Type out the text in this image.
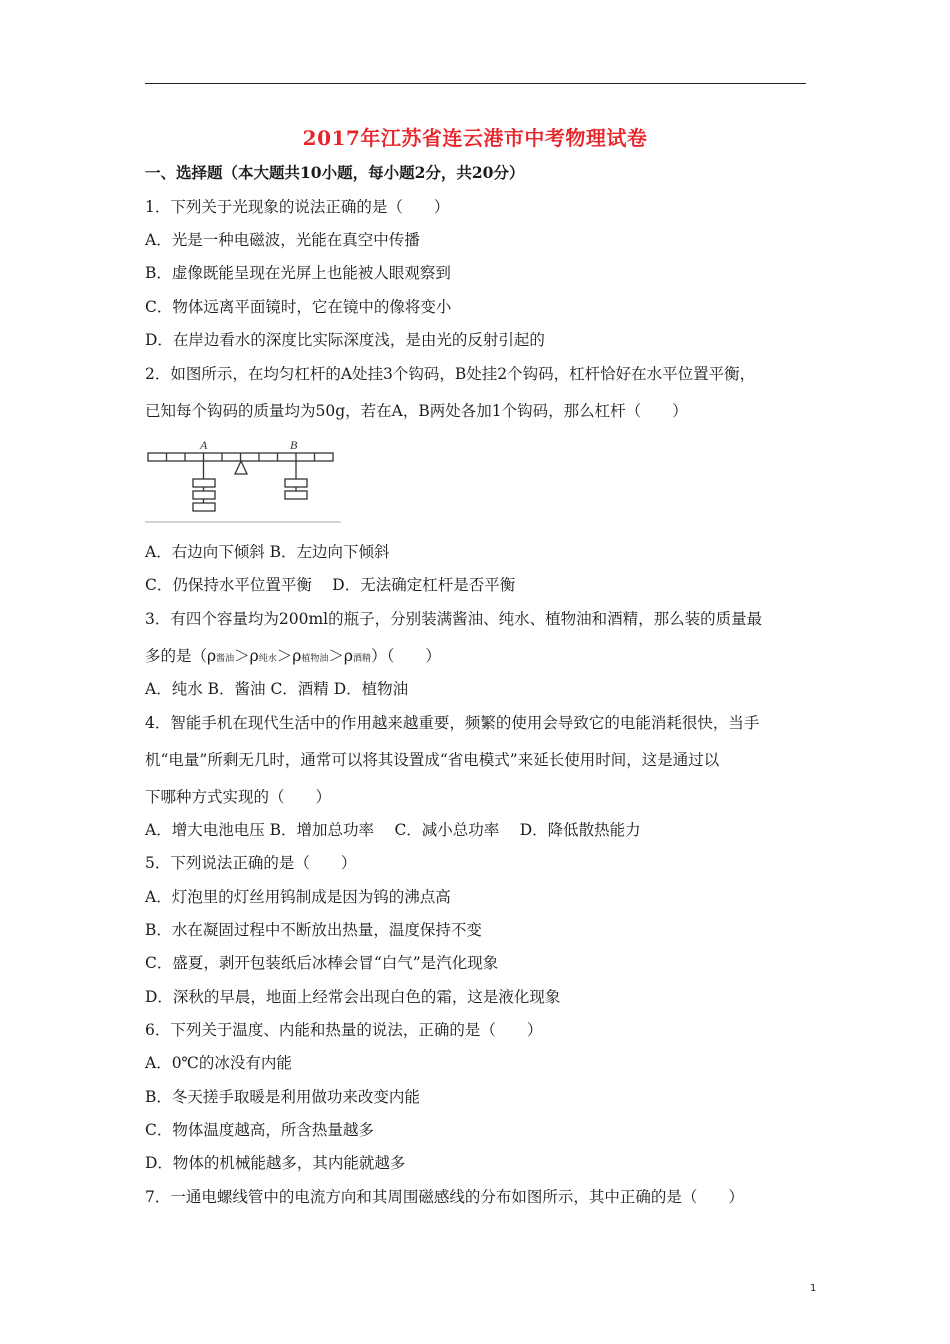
2017年江苏省连云港市中考物理试卷
一、选择题（本大题共10小题，每小题2分，共20分）
1．下列关于光现象的说法正确的是（　　）
A．光是一种电磁波，光能在真空中传播
B．虚像既能呈现在光屏上也能被人眼观察到
C．物体远离平面镜时，它在镜中的像将变小
D．在岸边看水的深度比实际深度浅，是由光的反射引起的
2．如图所示，在均匀杠杆的A处挂3个钩码，B处挂2个钩码，杠杆恰好在水平位置平衡，
已知每个钩码的质量均为50g，若在A，B两处各加1个钩码，那么杠杆（　　）
A	B
A．右边向下倾斜 B．左边向下倾斜
C．仍保持水平位置平衡　 D．无法确定杠杆是否平衡
3．有四个容量均为200ml的瓶子，分别装满酱油、纯水、植物油和酒精，那么装的质量最
多的是（ρ酱油＞ρ纯水＞ρ植物油＞ρ酒精）（　　）
A．纯水 B．酱油 C．酒精 D．植物油
4．智能手机在现代生活中的作用越来越重要，频繁的使用会导致它的电能消耗很快，当手
机“电量”所剩无几时，通常可以将其设置成“省电模式”来延长使用时间，这是通过以
下哪种方式实现的（　　）
A．增大电池电压 B．增加总功率　 C．减小总功率　 D．降低散热能力
5．下列说法正确的是（　　）
A．灯泡里的灯丝用钨制成是因为钨的沸点高
B．水在凝固过程中不断放出热量，温度保持不变
C．盛夏，剥开包装纸后冰棒会冒“白气”是汽化现象
D．深秋的早晨，地面上经常会出现白色的霜，这是液化现象
6．下列关于温度、内能和热量的说法，正确的是（　　）
A．0℃的冰没有内能
B．冬天搓手取暖是利用做功来改变内能
C．物体温度越高，所含热量越多
D．物体的机械能越多，其内能就越多
7．一通电螺线管中的电流方向和其周围磁感线的分布如图所示，其中正确的是（　　）
1
